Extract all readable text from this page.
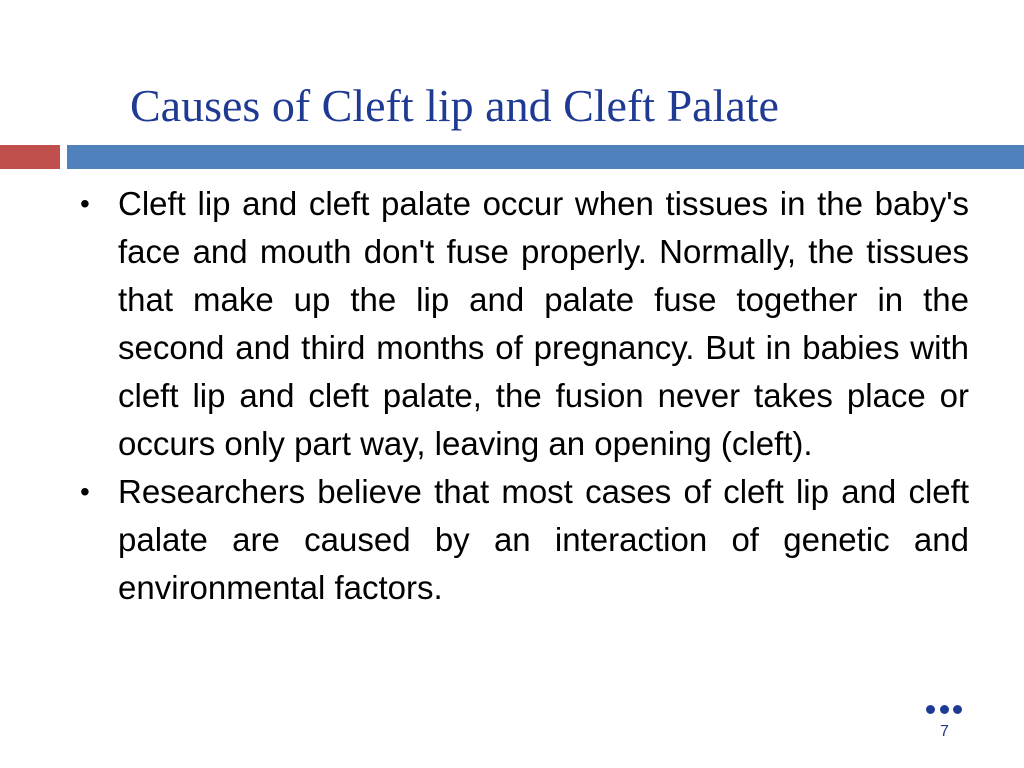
Causes of Cleft lip and Cleft Palate
• Cleft lip and cleft palate occur when tissues in the baby's face and mouth don't fuse properly. Normally, the tissues that make up the lip and palate fuse together in the second and third months of pregnancy. But in babies with cleft lip and cleft palate, the fusion never takes place or occurs only part way, leaving an opening (cleft).
• Researchers believe that most cases of cleft lip and cleft palate are caused by an interaction of genetic and environmental factors.
7
